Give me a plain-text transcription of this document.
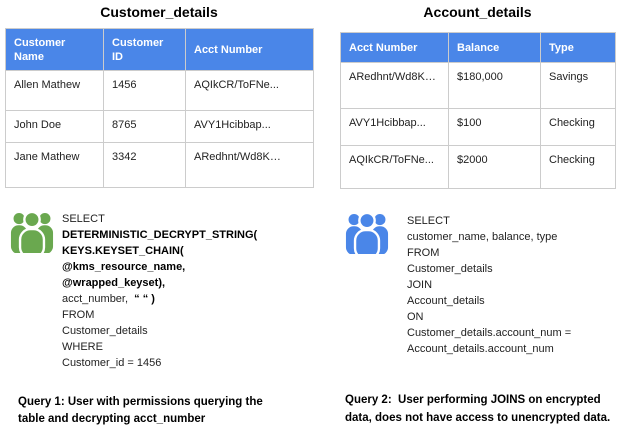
Customer_details	Account_details
Customer Name	Customer ID	Acct Number
Allen Mathew	1456	AQIkCR/ToFNe...
John Doe	8765	AVY1Hcibbap...
Jane Mathew	3342	ARedhnt/Wd8K…
Acct Number	Balance	Type
ARedhnt/Wd8K…	$180,000	Savings
AVY1Hcibbap...	$100	Checking
AQIkCR/ToFNe...	$2000	Checking
SELECT
DETERMINISTIC_DECRYPT_STRING(
KEYS.KEYSET_CHAIN(
@kms_resource_name,
@wrapped_keyset),
acct_number,  “ “ )
FROM
Customer_details
WHERE
Customer_id = 1456
SELECT
customer_name, balance, type
FROM
Customer_details
JOIN
Account_details
ON
Customer_details.account_num =
Account_details.account_num
Query 1: User with permissions querying the table and decrypting acct_number
Query 2:  User performing JOINS on encrypted data, does not have access to unencrypted data.
